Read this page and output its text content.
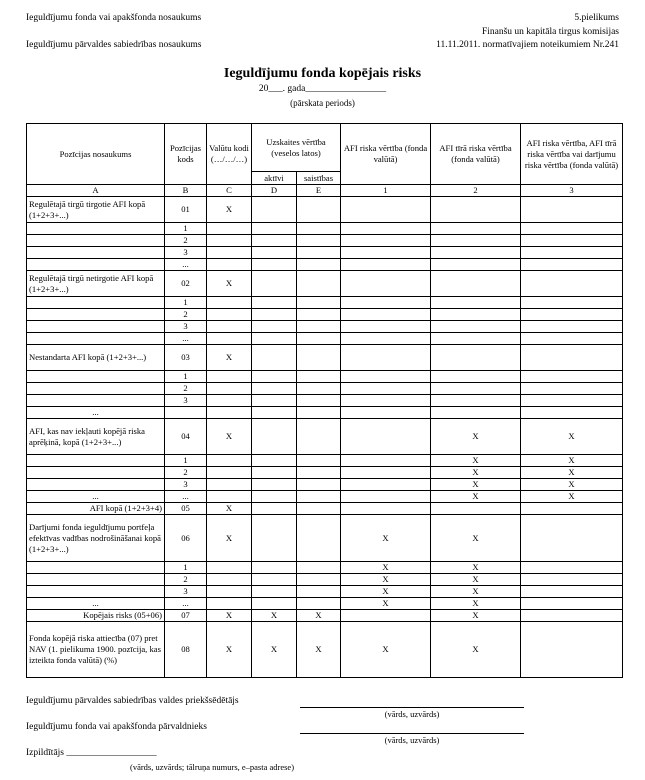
Ieguldījumu fonda vai apakšfonda nosaukums
Ieguldījumu pārvaldes sabiedrības nosaukums
5.pielikums
Finanšu un kapitāla tirgus komisijas
11.11.2011. normatīvajiem noteikumiem Nr.241
Ieguldījumu fonda kopējais risks
20___. gada_________________
(pārskata periods)
Pozīcijas nosaukums	Pozīcijas kods	Valūtu kodi (…/…/…)	Uzskaites vērtība (veselos latos)		AFI riska vērtība (fonda valūtā)	AFI tīrā riska vērtība (fonda valūtā)	AFI riska vērtība, AFI tīrā riska vērtība vai darījumu riska vērtība (fonda valūtā)
			aktīvi	saistības			
A	B	C	D	E	1	2	3
Regulētajā tirgū tirgotie AFI kopā (1+2+3+...)	01	X					
	1						
	2						
	3						
	...						
Regulētajā tirgū netirgotie AFI kopā (1+2+3+...)	02	X					
	1						
	2						
	3						
	...						
Nestandarta AFI kopā (1+2+3+...)	03	X					
	1						
	2						
	3						
...							
AFI, kas nav iekļauti kopējā riska aprēķinā, kopā (1+2+3+...)	04	X				X	X
	1					X	X
	2					X	X
	3					X	X
...	...					X	X
AFI kopā (1+2+3+4)	05	X					
Darījumi fonda ieguldījumu portfeļa efektīvas vadības nodrošināšanai kopā (1+2+3+...)	06	X			X	X	
	1				X	X	
	2				X	X	
	3				X	X	
...	...				X	X	
Kopējais risks (05+06)	07	X	X	X		X	
Fonda kopējā riska attiecība (07) pret NAV (1. pielikuma 1900. pozīcija, kas izteikta fonda valūtā) (%)	08	X	X	X	X	X	
Ieguldījumu pārvaldes sabiedrības valdes priekšsēdētājs
(vārds, uzvārds)
Ieguldījumu fonda vai apakšfonda pārvaldnieks
(vārds, uzvārds)
Izpildītājs ___________________
(vārds, uzvārds; tālruņa numurs, e–pasta adrese)
